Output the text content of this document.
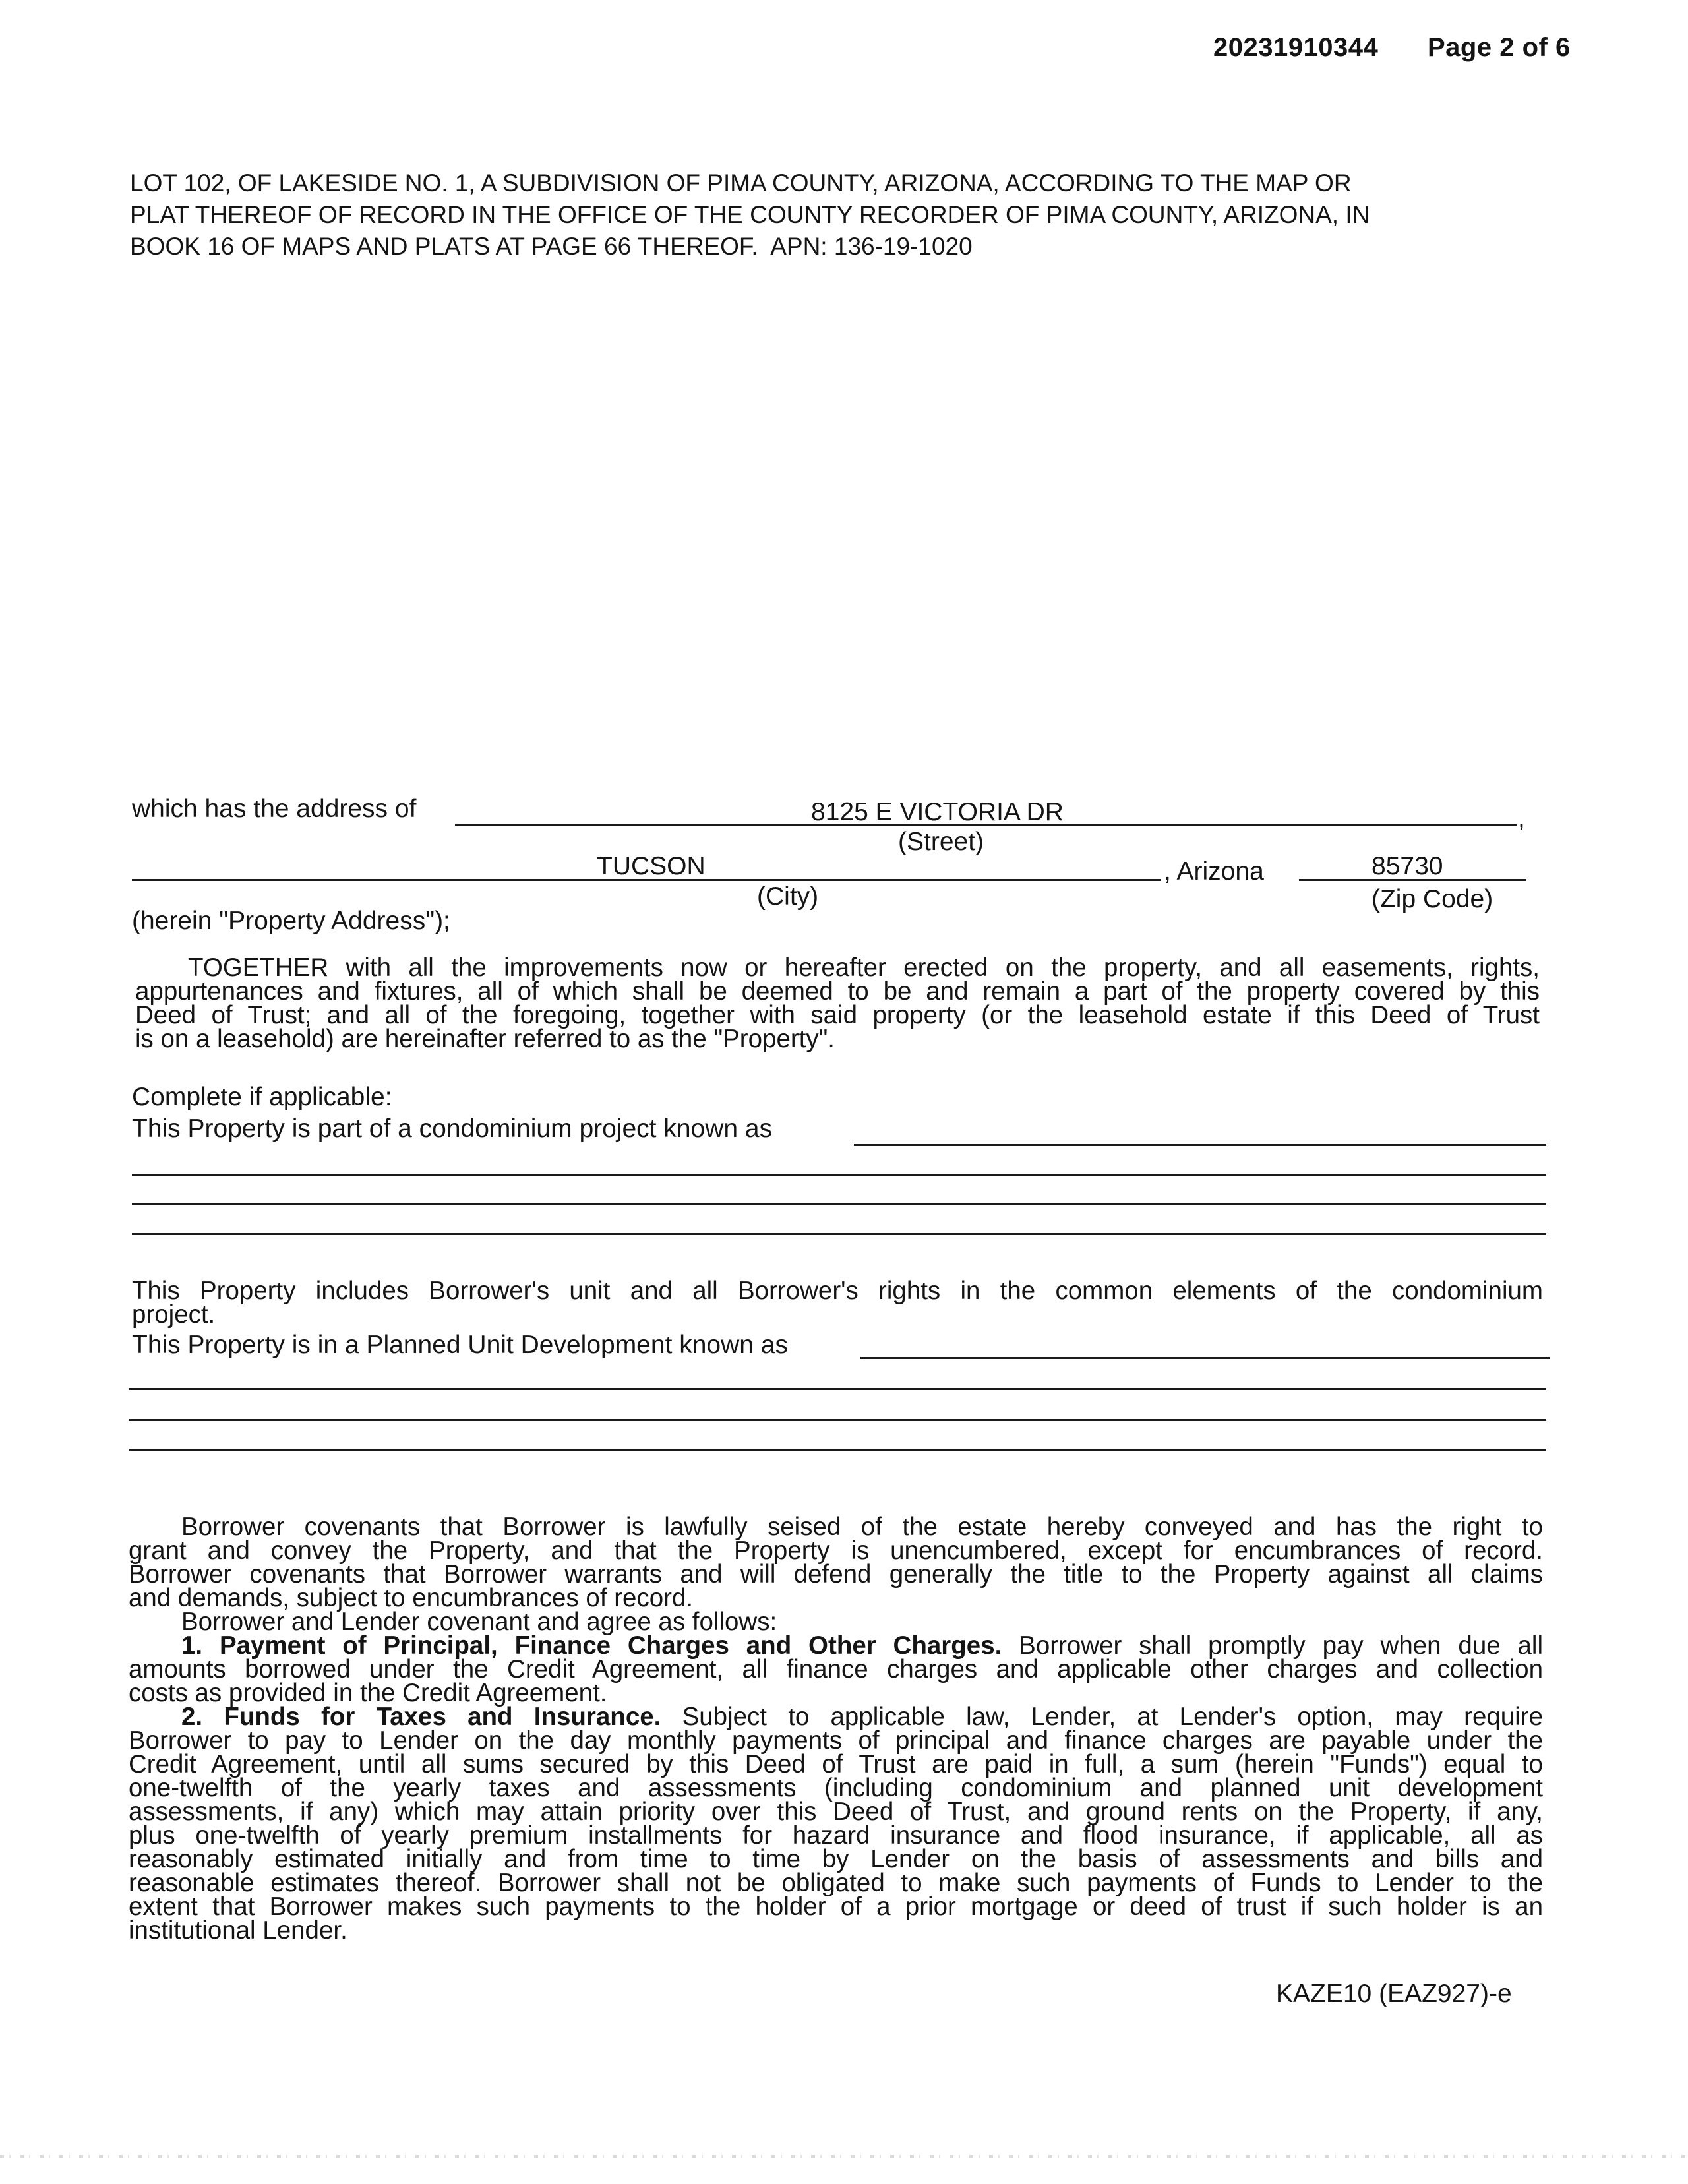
20231910344 Page 2 of 6
LOT 102, OF LAKESIDE NO. 1, A SUBDIVISION OF PIMA COUNTY, ARIZONA, ACCORDING TO THE MAP OR
PLAT THEREOF OF RECORD IN THE OFFICE OF THE COUNTY RECORDER OF PIMA COUNTY, ARIZONA, IN
BOOK 16 OF MAPS AND PLATS AT PAGE 66 THEREOF.  APN: 136-19-1020
which has the address of	8125 E VICTORIA DR	,
(Street)
TUCSON	, Arizona	85730
(City)	(Zip Code)
(herein "Property Address");
TOGETHER with all the improvements now or hereafter erected on the property, and all easements, rights,
appurtenances and fixtures, all of which shall be deemed to be and remain a part of the property covered by this
Deed of Trust; and all of the foregoing, together with said property (or the leasehold estate if this Deed of Trust
is on a leasehold) are hereinafter referred to as the "Property".
Complete if applicable:
This Property is part of a condominium project known as
This Property includes Borrower's unit and all Borrower's rights in the common elements of the condominium
project.
This Property is in a Planned Unit Development known as
Borrower covenants that Borrower is lawfully seised of the estate hereby conveyed and has the right to
grant and convey the Property, and that the Property is unencumbered, except for encumbrances of record.
Borrower covenants that Borrower warrants and will defend generally the title to the Property against all claims
and demands, subject to encumbrances of record.
Borrower and Lender covenant and agree as follows:
1. Payment of Principal, Finance Charges and Other Charges. Borrower shall promptly pay when due all
amounts borrowed under the Credit Agreement, all finance charges and applicable other charges and collection
costs as provided in the Credit Agreement.
2. Funds for Taxes and Insurance. Subject to applicable law, Lender, at Lender's option, may require
Borrower to pay to Lender on the day monthly payments of principal and finance charges are payable under the
Credit Agreement, until all sums secured by this Deed of Trust are paid in full, a sum (herein "Funds") equal to
one-twelfth of the yearly taxes and assessments (including condominium and planned unit development
assessments, if any) which may attain priority over this Deed of Trust, and ground rents on the Property, if any,
plus one-twelfth of yearly premium installments for hazard insurance and flood insurance, if applicable, all as
reasonably estimated initially and from time to time by Lender on the basis of assessments and bills and
reasonable estimates thereof. Borrower shall not be obligated to make such payments of Funds to Lender to the
extent that Borrower makes such payments to the holder of a prior mortgage or deed of trust if such holder is an
institutional Lender.
KAZE10 (EAZ927)-e
